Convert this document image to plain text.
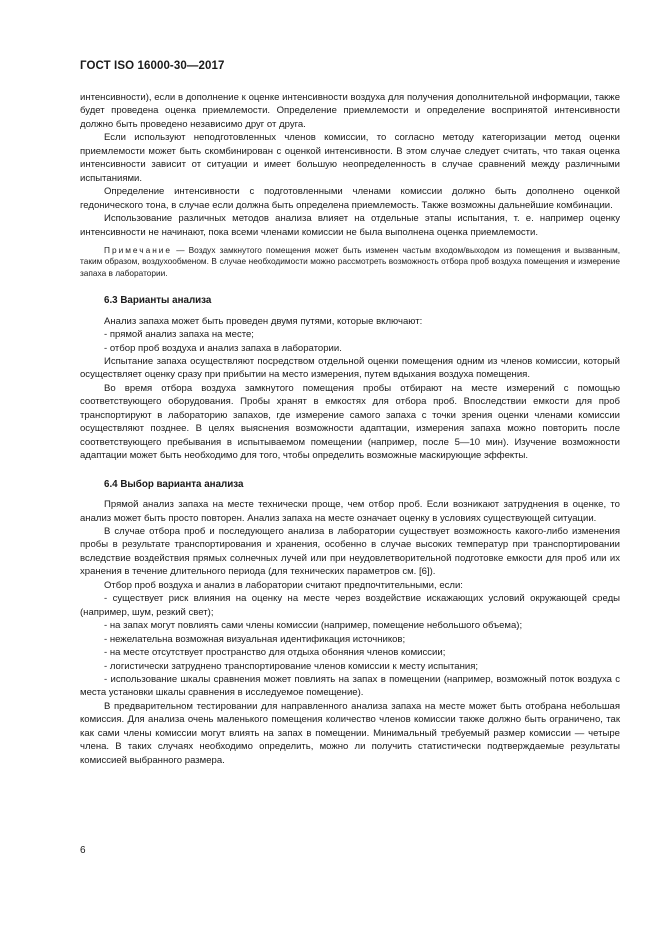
ГОСТ ISO 16000-30—2017

интенсивности), если в дополнение к оценке интенсивности воздуха для получения дополнительной информации, также будет проведена оценка приемлемости. Определение приемлемости и определение воспринятой интенсивности должно быть проведено независимо друг от друга.

Если используют неподготовленных членов комиссии, то согласно методу категоризации метод оценки приемлемости может быть скомбинирован с оценкой интенсивности. В этом случае следует считать, что такая оценка интенсивности зависит от ситуации и имеет большую неопределенность в случае сравнений между различными испытаниями.

Определение интенсивности с подготовленными членами комиссии должно быть дополнено оценкой гедонического тона, в случае если должна быть определена приемлемость. Также возможны дальнейшие комбинации.

Использование различных методов анализа влияет на отдельные этапы испытания, т. е. например оценку интенсивности не начинают, пока всеми членами комиссии не была выполнена оценка приемлемости.

Примечание — Воздух замкнутого помещения может быть изменен частым входом/выходом из помещения и вызванным, таким образом, воздухообменом. В случае необходимости можно рассмотреть возможность отбора проб воздуха помещения и измерение запаха в лаборатории.

6.3 Варианты анализа

Анализ запаха может быть проведен двумя путями, которые включают:

- прямой анализ запаха на месте;

- отбор проб воздуха и анализ запаха в лаборатории.

Испытание запаха осуществляют посредством отдельной оценки помещения одним из членов комиссии, который осуществляет оценку сразу при прибытии на место измерения, путем вдыхания воздуха помещения.

Во время отбора воздуха замкнутого помещения пробы отбирают на месте измерений с помощью соответствующего оборудования. Пробы хранят в емкостях для отбора проб. Впоследствии емкости для проб транспортируют в лабораторию запахов, где измерение самого запаха с точки зрения оценки членами комиссии осуществляют позднее. В целях выяснения возможности адаптации, измерения запаха можно повторить после соответствующего пребывания в испытываемом помещении (например, после 5—10 мин). Изучение возможности адаптации может быть необходимо для того, чтобы определить возможные маскирующие эффекты.

6.4 Выбор варианта анализа

Прямой анализ запаха на месте технически проще, чем отбор проб. Если возникают затруднения в оценке, то анализ может быть просто повторен. Анализ запаха на месте означает оценку в условиях существующей ситуации.

В случае отбора проб и последующего анализа в лаборатории существует возможность какого-либо изменения пробы в результате транспортирования и хранения, особенно в случае высоких температур при транспортировании вследствие воздействия прямых солнечных лучей или при неудовлетворительной подготовке емкости для проб или их хранения в течение длительного периода (для технических параметров см. [6]).

Отбор проб воздуха и анализ в лаборатории считают предпочтительными, если:

- существует риск влияния на оценку на месте через воздействие искажающих условий окружающей среды (например, шум, резкий свет);

- на запах могут повлиять сами члены комиссии (например, помещение небольшого объема);

- нежелательна возможная визуальная идентификация источников;

- на месте отсутствует пространство для отдыха обоняния членов комиссии;

- логистически затруднено транспортирование членов комиссии к месту испытания;

- использование шкалы сравнения может повлиять на запах в помещении (например, возможный поток воздуха с места установки шкалы сравнения в исследуемое помещение).

В предварительном тестировании для направленного анализа запаха на месте может быть отобрана небольшая комиссия. Для анализа очень маленького помещения количество членов комиссии также должно быть ограничено, так как сами члены комиссии могут влиять на запах в помещении. Минимальный требуемый размер комиссии — четыре члена. В таких случаях необходимо определить, можно ли получить статистически подтверждаемые результаты комиссией выбранного размера.

6
